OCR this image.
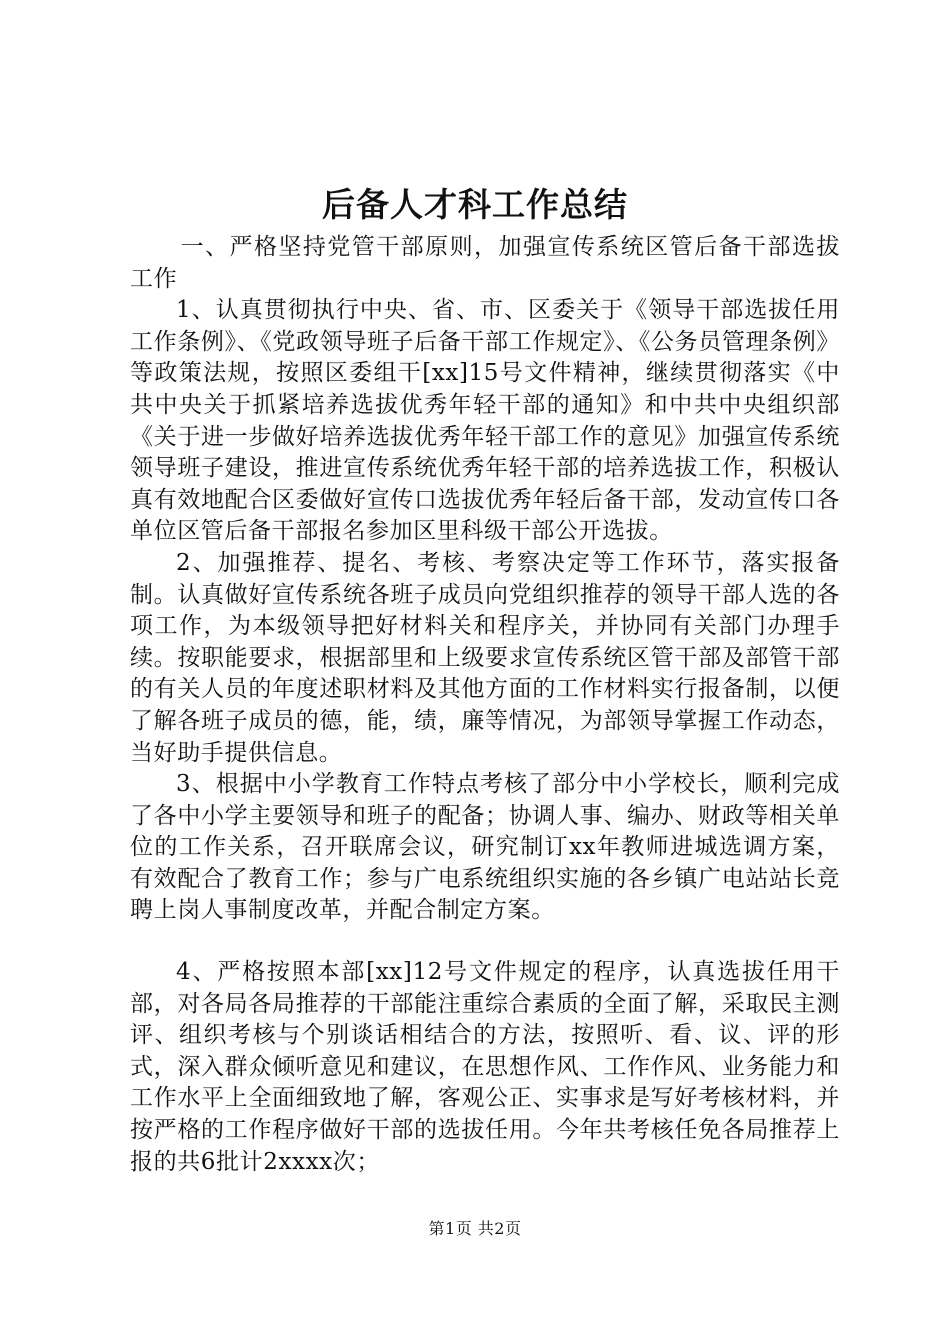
后备人才科工作总结

一、严格坚持党管干部原则，加强宣传系统区管后备干部选拔工作

1、认真贯彻执行中央、省、市、区委关于《领导干部选拔任用工作条例》、《党政领导班子后备干部工作规定》、《公务员管理条例》等政策法规，按照区委组干[xx]15号文件精神，继续贯彻落实《中共中央关于抓紧培养选拔优秀年轻干部的通知》和中共中央组织部《关于进一步做好培养选拔优秀年轻干部工作的意见》加强宣传系统领导班子建设，推进宣传系统优秀年轻干部的培养选拔工作，积极认真有效地配合区委做好宣传口选拔优秀年轻后备干部，发动宣传口各单位区管后备干部报名参加区里科级干部公开选拔。

2、加强推荐、提名、考核、考察决定等工作环节，落实报备制。认真做好宣传系统各班子成员向党组织推荐的领导干部人选的各项工作，为本级领导把好材料关和程序关，并协同有关部门办理手续。按职能要求，根据部里和上级要求宣传系统区管干部及部管干部的有关人员的年度述职材料及其他方面的工作材料实行报备制，以便了解各班子成员的德，能，绩，廉等情况，为部领导掌握工作动态，当好助手提供信息。

3、根据中小学教育工作特点考核了部分中小学校长，顺利完成了各中小学主要领导和班子的配备；协调人事、编办、财政等相关单位的工作关系，召开联席会议，研究制订xx年教师进城选调方案，有效配合了教育工作；参与广电系统组织实施的各乡镇广电站站长竞聘上岗人事制度改革，并配合制定方案。

4、严格按照本部[xx]12号文件规定的程序，认真选拔任用干部，对各局各局推荐的干部能注重综合素质的全面了解，采取民主测评、组织考核与个别谈话相结合的方法，按照听、看、议、评的形式，深入群众倾听意见和建议，在思想作风、工作作风、业务能力和工作水平上全面细致地了解，客观公正、实事求是写好考核材料，并按严格的工作程序做好干部的选拔任用。今年共考核任免各局推荐上报的共6批计2xxxx次；

第1页 共2页
